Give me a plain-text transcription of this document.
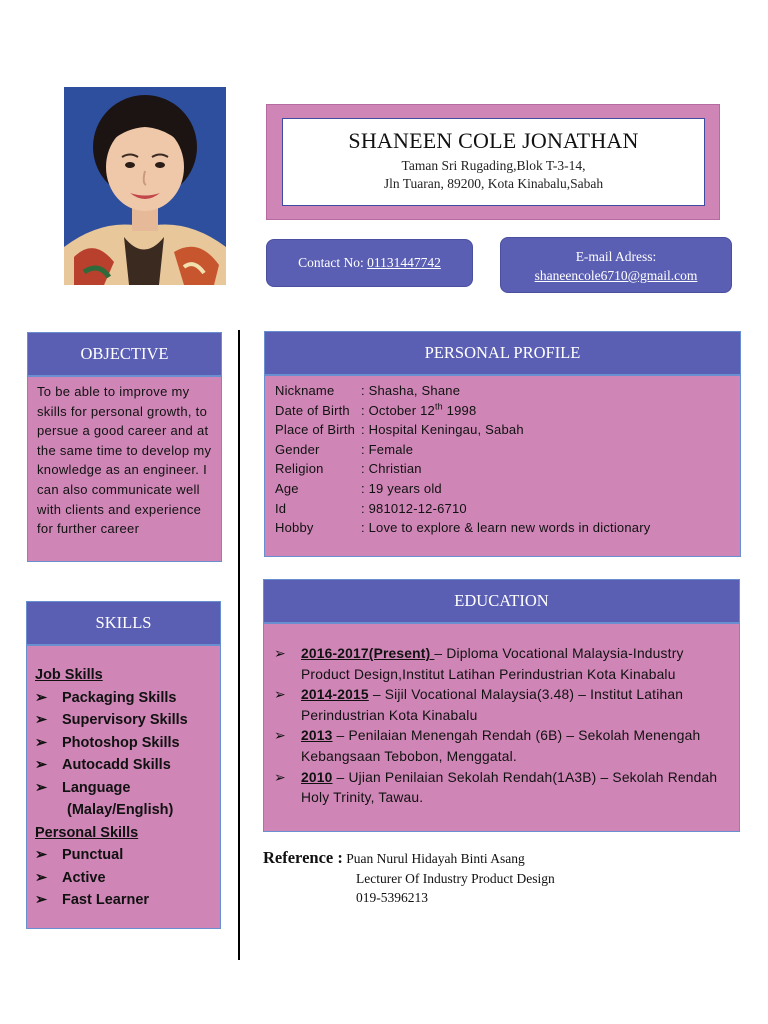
SHANEEN COLE JONATHAN
Taman Sri Rugading,Blok T-3-14,
Jln Tuaran, 89200, Kota Kinabalu,Sabah
Contact No: 01131447742	E-mail Adress:
shaneencole6710@gmail.com
OBJECTIVE
To be able to improve my skills for personal growth, to persue a good career and at the same time to develop my knowledge as an engineer. I can also communicate well with clients and experience for further career
SKILLS
Job Skills
➢	Packaging Skills
➢	Supervisory Skills
➢	Photoshop Skills
➢	Autocadd Skills
➢	Language
(Malay/English)
Personal Skills
➢	Punctual
➢	Active
➢	Fast Learner
PERSONAL PROFILE
Nickname	: Shasha, Shane
Date of Birth : October 12th 1998
Place of Birth : Hospital Keningau, Sabah
Gender	: Female
Religion	: Christian
Age	: 19 years old
Id	: 981012-12-6710
Hobby	: Love to explore & learn new words in dictionary
EDUCATION
➢	2016-2017(Present) – Diploma Vocational Malaysia-Industry Product Design,Institut Latihan Perindustrian Kota Kinabalu
➢	2014-2015 – Sijil Vocational Malaysia(3.48) – Institut Latihan Perindustrian Kota Kinabalu
➢	2013 – Penilaian Menengah Rendah (6B) – Sekolah Menengah Kebangsaan Tebobon, Menggatal.
➢	2010 – Ujian Penilaian Sekolah Rendah(1A3B) – Sekolah Rendah Holy Trinity, Tawau.
Reference : Puan Nurul Hidayah Binti Asang
Lecturer Of Industry Product Design
019-5396213
